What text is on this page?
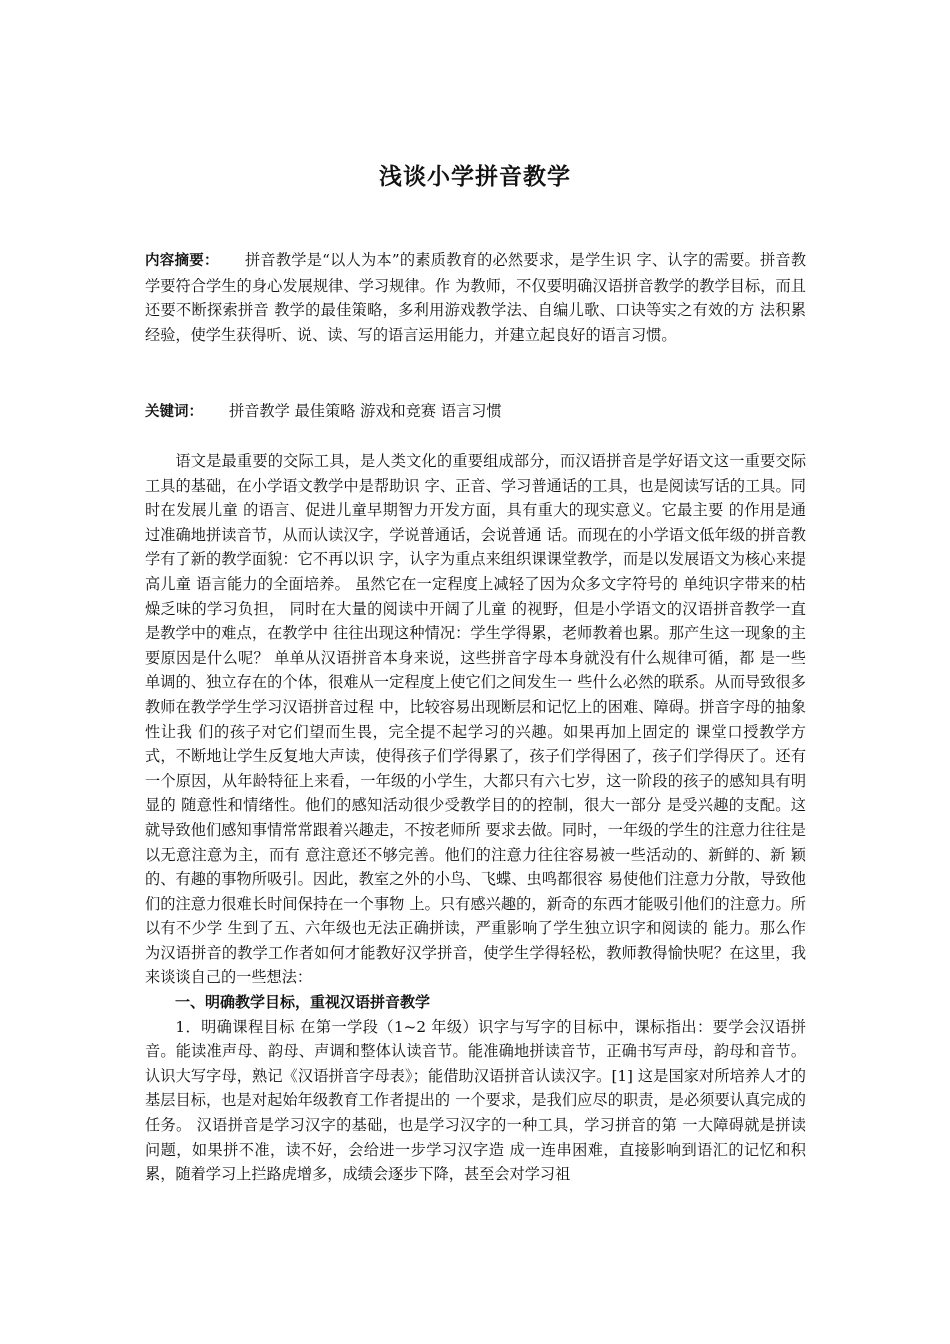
浅谈小学拼音教学

内容摘要： 拼音教学是“以人为本”的素质教育的必然要求，是学生识 字、认字的需要。拼音教学要符合学生的身心发展规律、学习规律。作 为教师，不仅要明确汉语拼音教学的教学目标，而且还要不断探索拼音 教学的最佳策略，多利用游戏教学法、自编儿歌、口诀等实之有效的方 法积累经验，使学生获得听、说、读、写的语言运用能力，并建立起良好的语言习惯。

关键词： 拼音教学 最佳策略 游戏和竞赛 语言习惯

语文是最重要的交际工具，是人类文化的重要组成部分，而汉语拼音是学好语文这一重要交际工具的基础，在小学语文教学中是帮助识 字、正音、学习普通话的工具，也是阅读写话的工具。同时在发展儿童 的语言、促进儿童早期智力开发方面，具有重大的现实意义。它最主要 的作用是通过准确地拼读音节，从而认读汉字，学说普通话，会说普通 话。而现在的小学语文低年级的拼音教学有了新的教学面貌：它不再以识 字，认字为重点来组织课课堂教学，而是以发展语文为核心来提高儿童 语言能力的全面培养。 虽然它在一定程度上减轻了因为众多文字符号的 单纯识字带来的枯燥乏味的学习负担， 同时在大量的阅读中开阔了儿童 的视野，但是小学语文的汉语拼音教学一直是教学中的难点，在教学中 往往出现这种情况：学生学得累，老师教着也累。那产生这一现象的主 要原因是什么呢？ 单单从汉语拼音本身来说，这些拼音字母本身就没有什么规律可循，都 是一些单调的、独立存在的个体，很难从一定程度上使它们之间发生一 些什么必然的联系。从而导致很多教师在教学学生学习汉语拼音过程 中，比较容易出现断层和记忆上的困难、障碍。拼音字母的抽象性让我 们的孩子对它们望而生畏，完全提不起学习的兴趣。如果再加上固定的 课堂口授教学方式，不断地让学生反复地大声读，使得孩子们学得累了，孩子们学得困了，孩子们学得厌了。还有一个原因，从年龄特征上来看，一年级的小学生，大都只有六七岁，这一阶段的孩子的感知具有明显的 随意性和情绪性。他们的感知活动很少受教学目的的控制，很大一部分 是受兴趣的支配。这就导致他们感知事情常常跟着兴趣走，不按老师所 要求去做。同时，一年级的学生的注意力往往是以无意注意为主，而有 意注意还不够完善。他们的注意力往往容易被一些活动的、新鲜的、新 颖的、有趣的事物所吸引。因此，教室之外的小鸟、飞蝶、虫鸣都很容 易使他们注意力分散，导致他们的注意力很难长时间保持在一个事物 上。只有感兴趣的，新奇的东西才能吸引他们的注意力。所以有不少学 生到了五、六年级也无法正确拼读，严重影响了学生独立识字和阅读的 能力。那么作为汉语拼音的教学工作者如何才能教好汉学拼音，使学生学得轻松，教师教得愉快呢？在这里，我来谈谈自己的一些想法：

一、明确教学目标，重视汉语拼音教学

1．明确课程目标 在第一学段（1~2 年级）识字与写字的目标中，课标指出：要学会汉语拼音。能读准声母、韵母、声调和整体认读音节。能准确地拼读音节，正确书写声母，韵母和音节。认识大写字母，熟记《汉语拼音字母表》；能借助汉语拼音认读汉字。[1] 这是国家对所培养人才的基层目标，也是对起始年级教育工作者提出的 一个要求，是我们应尽的职责，是必须要认真完成的任务。 汉语拼音是学习汉字的基础，也是学习汉字的一种工具，学习拼音的第 一大障碍就是拼读问题，如果拼不准，读不好，会给进一步学习汉字造 成一连串困难，直接影响到语汇的记忆和积累，随着学习上拦路虎增多，成绩会逐步下降，甚至会对学习祖
